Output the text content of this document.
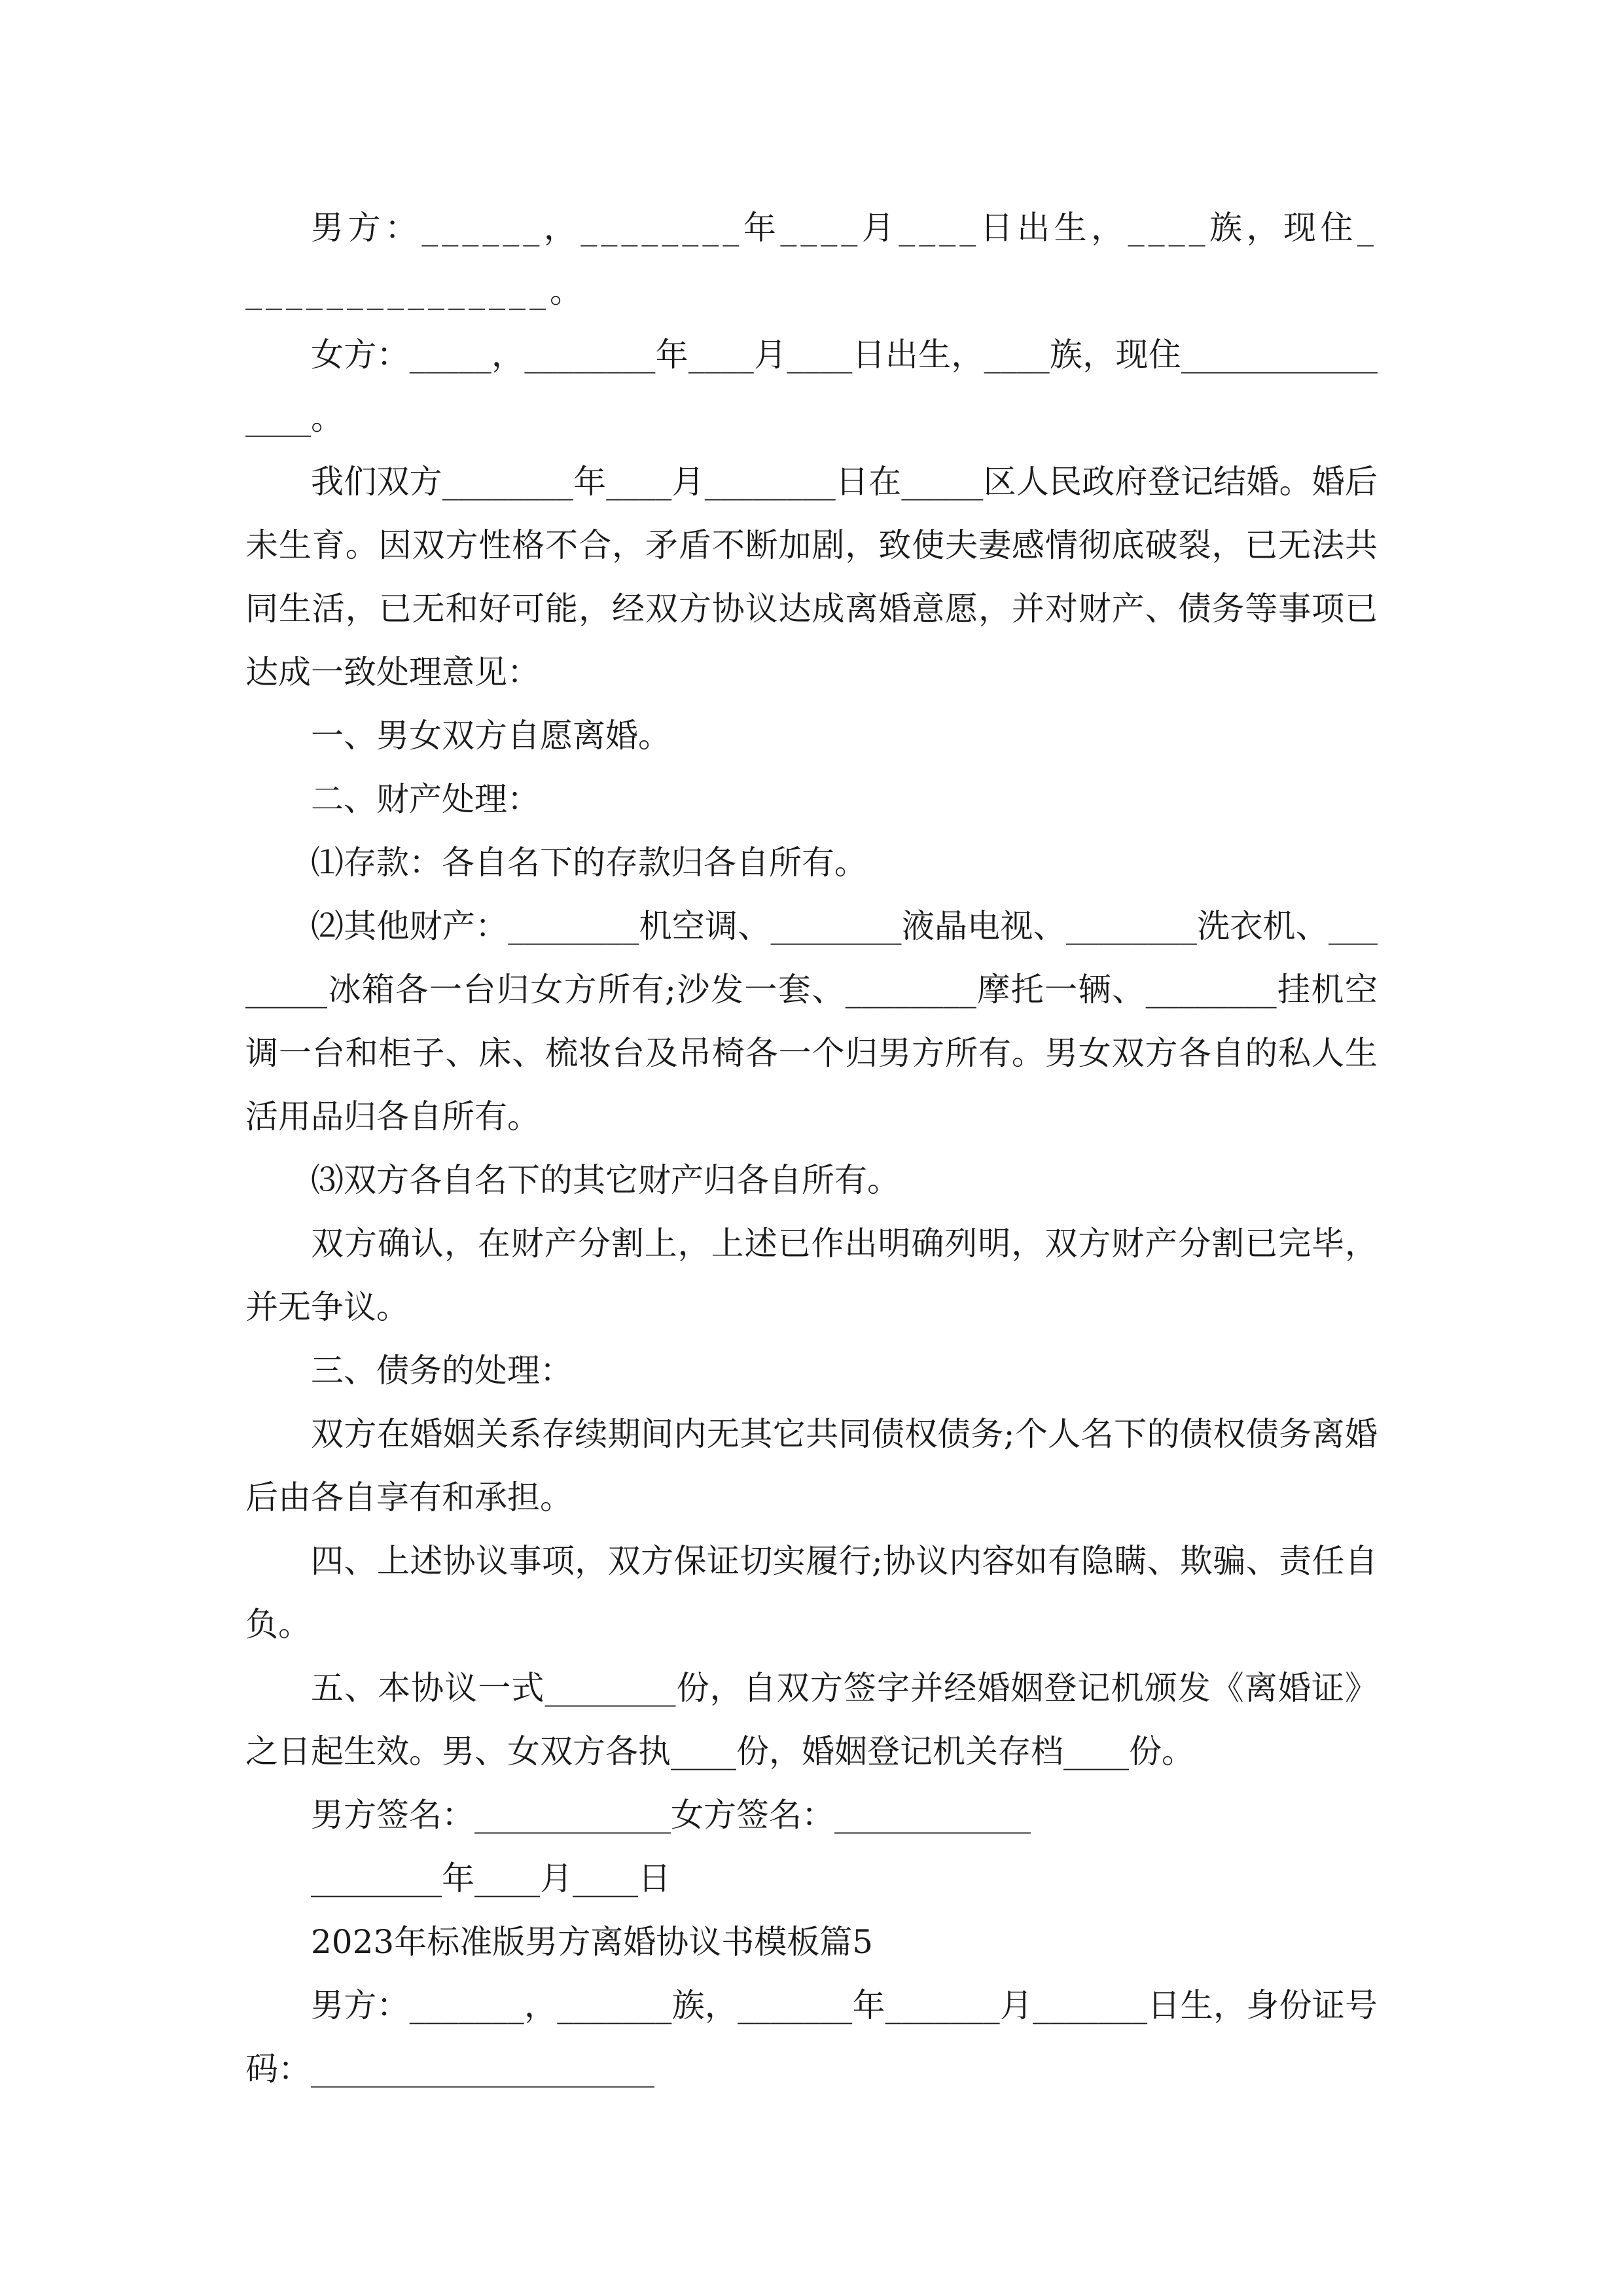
男方：______，________年____月____日出生，____族，现住________________。

女方：_____，________年____月____日出生，____族，现住________________。

我们双方________年____月________日在_____区人民政府登记结婚。婚后未生育。因双方性格不合，矛盾不断加剧，致使夫妻感情彻底破裂，已无法共同生活，已无和好可能，经双方协议达成离婚意愿，并对财产、债务等事项已达成一致处理意见：

一、男女双方自愿离婚。

二、财产处理：

⑴存款：各自名下的存款归各自所有。

⑵其他财产：________机空调、________液晶电视、________洗衣机、________冰箱各一台归女方所有;沙发一套、________摩托一辆、________挂机空调一台和柜子、床、梳妆台及吊椅各一个归男方所有。男女双方各自的私人生活用品归各自所有。

⑶双方各自名下的其它财产归各自所有。

双方确认，在财产分割上，上述已作出明确列明，双方财产分割已完毕，并无争议。

三、债务的处理：

双方在婚姻关系存续期间内无其它共同债权债务;个人名下的债权债务离婚后由各自享有和承担。

四、上述协议事项，双方保证切实履行;协议内容如有隐瞒、欺骗、责任自负。

五、本协议一式________份，自双方签字并经婚姻登记机颁发《离婚证》之日起生效。男、女双方各执____份，婚姻登记机关存档____份。

男方签名：____________女方签名：____________

________年____月____日

2023年标准版男方离婚协议书模板篇5

男方：_______，_______族，_______年_______月_______日生，身份证号码：_____________________
